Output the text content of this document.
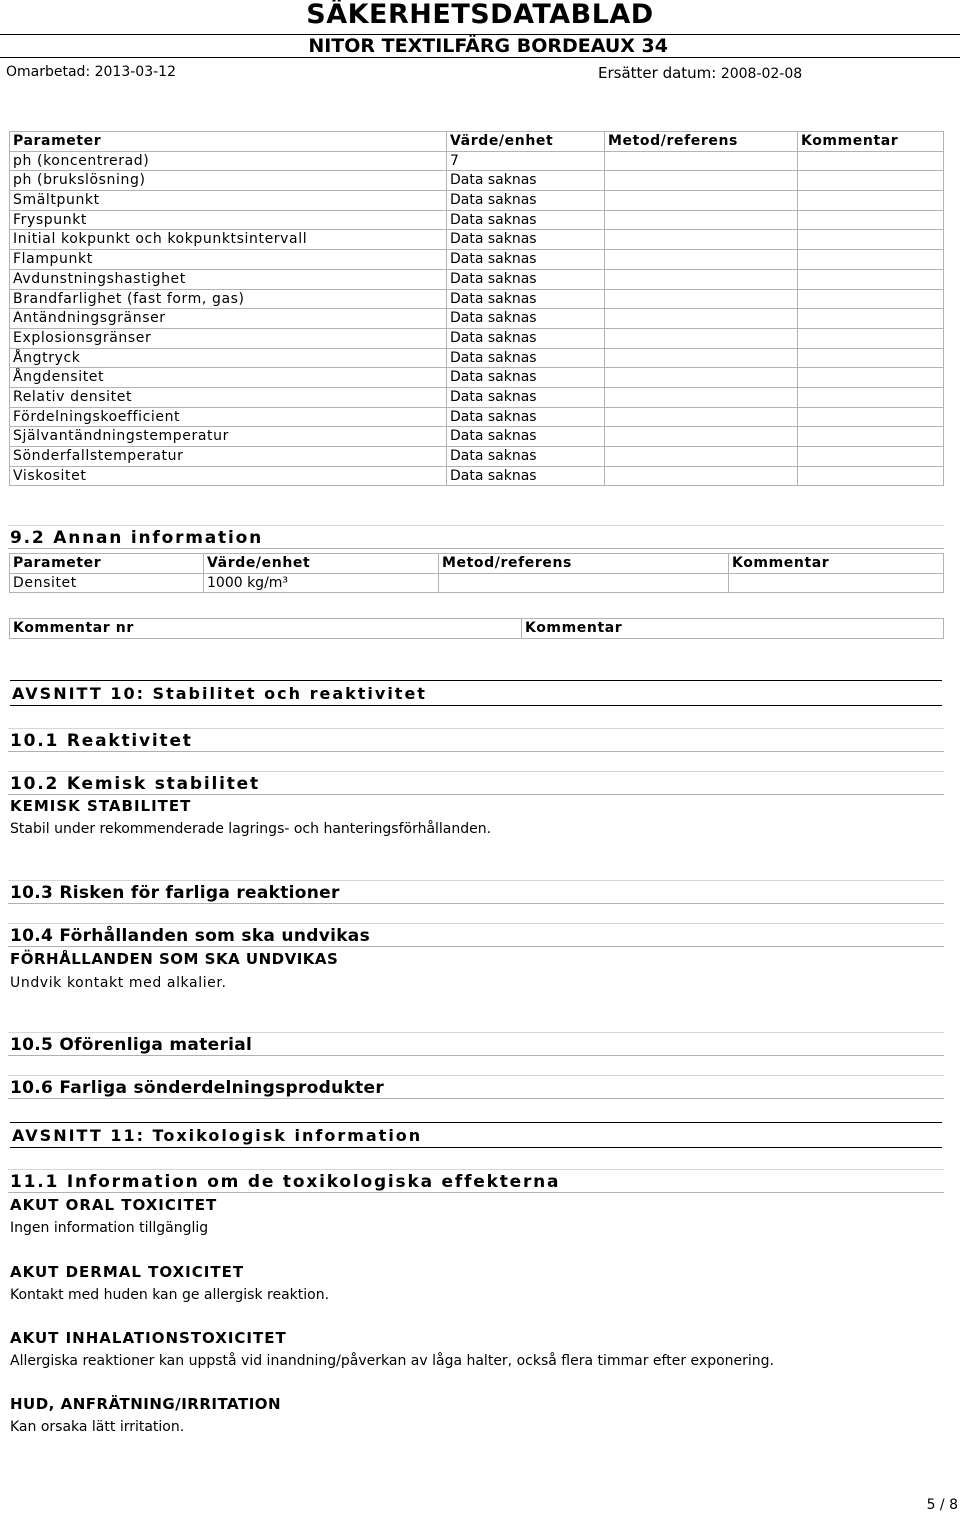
SÄKERHETSDATABLAD
NITOR TEXTILFÄRG BORDEAUX 34
Omarbetad: 2013-03-12	Ersätter datum: 2008-02-08
Parameter	Värde/enhet	Metod/referens	Kommentar
ph (koncentrerad)	7		
ph (brukslösning)	Data saknas		
Smältpunkt	Data saknas		
Fryspunkt	Data saknas		
Initial kokpunkt och kokpunktsintervall	Data saknas		
Flampunkt	Data saknas		
Avdunstningshastighet	Data saknas		
Brandfarlighet (fast form, gas)	Data saknas		
Antändningsgränser	Data saknas		
Explosionsgränser	Data saknas		
Ångtryck	Data saknas		
Ångdensitet	Data saknas		
Relativ densitet	Data saknas		
Fördelningskoefficient	Data saknas		
Självantändningstemperatur	Data saknas		
Sönderfallstemperatur	Data saknas		
Viskositet	Data saknas		
9.2 Annan information
Parameter	Värde/enhet	Metod/referens	Kommentar
Densitet	1000 kg/m³		
Kommentar nr	Kommentar
AVSNITT 10: Stabilitet och reaktivitet
10.1 Reaktivitet
10.2 Kemisk stabilitet
KEMISK STABILITET
Stabil under rekommenderade lagrings- och hanteringsförhållanden.
10.3 Risken för farliga reaktioner
10.4 Förhållanden som ska undvikas
FÖRHÅLLANDEN SOM SKA UNDVIKAS
Undvik kontakt med alkalier.
10.5 Oförenliga material
10.6 Farliga sönderdelningsprodukter
AVSNITT 11: Toxikologisk information
11.1 Information om de toxikologiska effekterna
AKUT ORAL TOXICITET
Ingen information tillgänglig
AKUT DERMAL TOXICITET
Kontakt med huden kan ge allergisk reaktion.
AKUT INHALATIONSTOXICITET
Allergiska reaktioner kan uppstå vid inandning/påverkan av låga halter, också flera timmar efter exponering.
HUD, ANFRÄTNING/IRRITATION
Kan orsaka lätt irritation.
5 / 8
